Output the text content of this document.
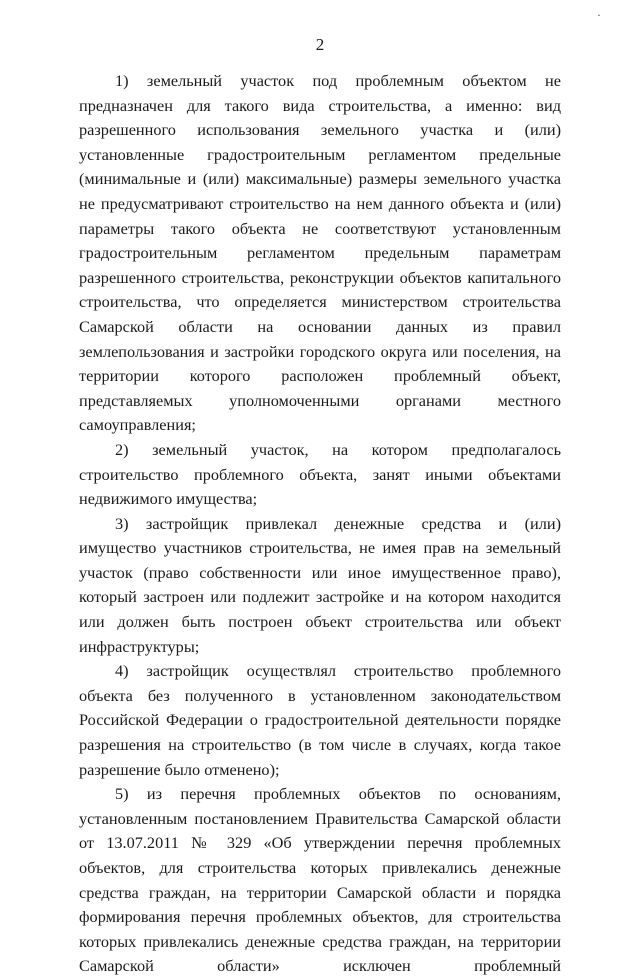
·
2

1) земельный участок под проблемным объектом не предназначен для такого вида строительства, а именно: вид разрешенного использования земельного участка и (или) установленные градостроительным регламентом предельные (минимальные и (или) максимальные) размеры земельного участка не предусматривают строительство на нем данного объекта и (или) параметры такого объекта не соответствуют установленным градостроительным регламентом предельным параметрам разрешенного строительства, реконструкции объектов капитального строительства, что определяется министерством строительства Самарской области на основании данных из правил землепользования и застройки городского округа или поселения, на территории которого расположен проблемный объект, представляемых уполномоченными органами местного самоуправления;

2) земельный участок, на котором предполагалось строительство проблемного объекта, занят иными объектами недвижимого имущества;

3) застройщик привлекал денежные средства и (или) имущество участников строительства, не имея прав на земельный участок (право собственности или иное имущественное право), который застроен или подлежит застройке и на котором находится или должен быть построен объект строительства или объект инфраструктуры;

4) застройщик осуществлял строительство проблемного объекта без полученного в установленном законодательством Российской Федерации о градостроительной деятельности порядке разрешения на строительство (в том числе в случаях, когда такое разрешение было отменено);

5) из перечня проблемных объектов по основаниям, установленным постановлением Правительства Самарской области от 13.07.2011 № 329 «Об утверждении перечня проблемных объектов, для строительства которых привлекались денежные средства граждан, на территории Самарской области и порядка формирования перечня проблемных объектов, для строительства которых привлекались денежные средства граждан, на территории Самарской области» исключен проблемный
